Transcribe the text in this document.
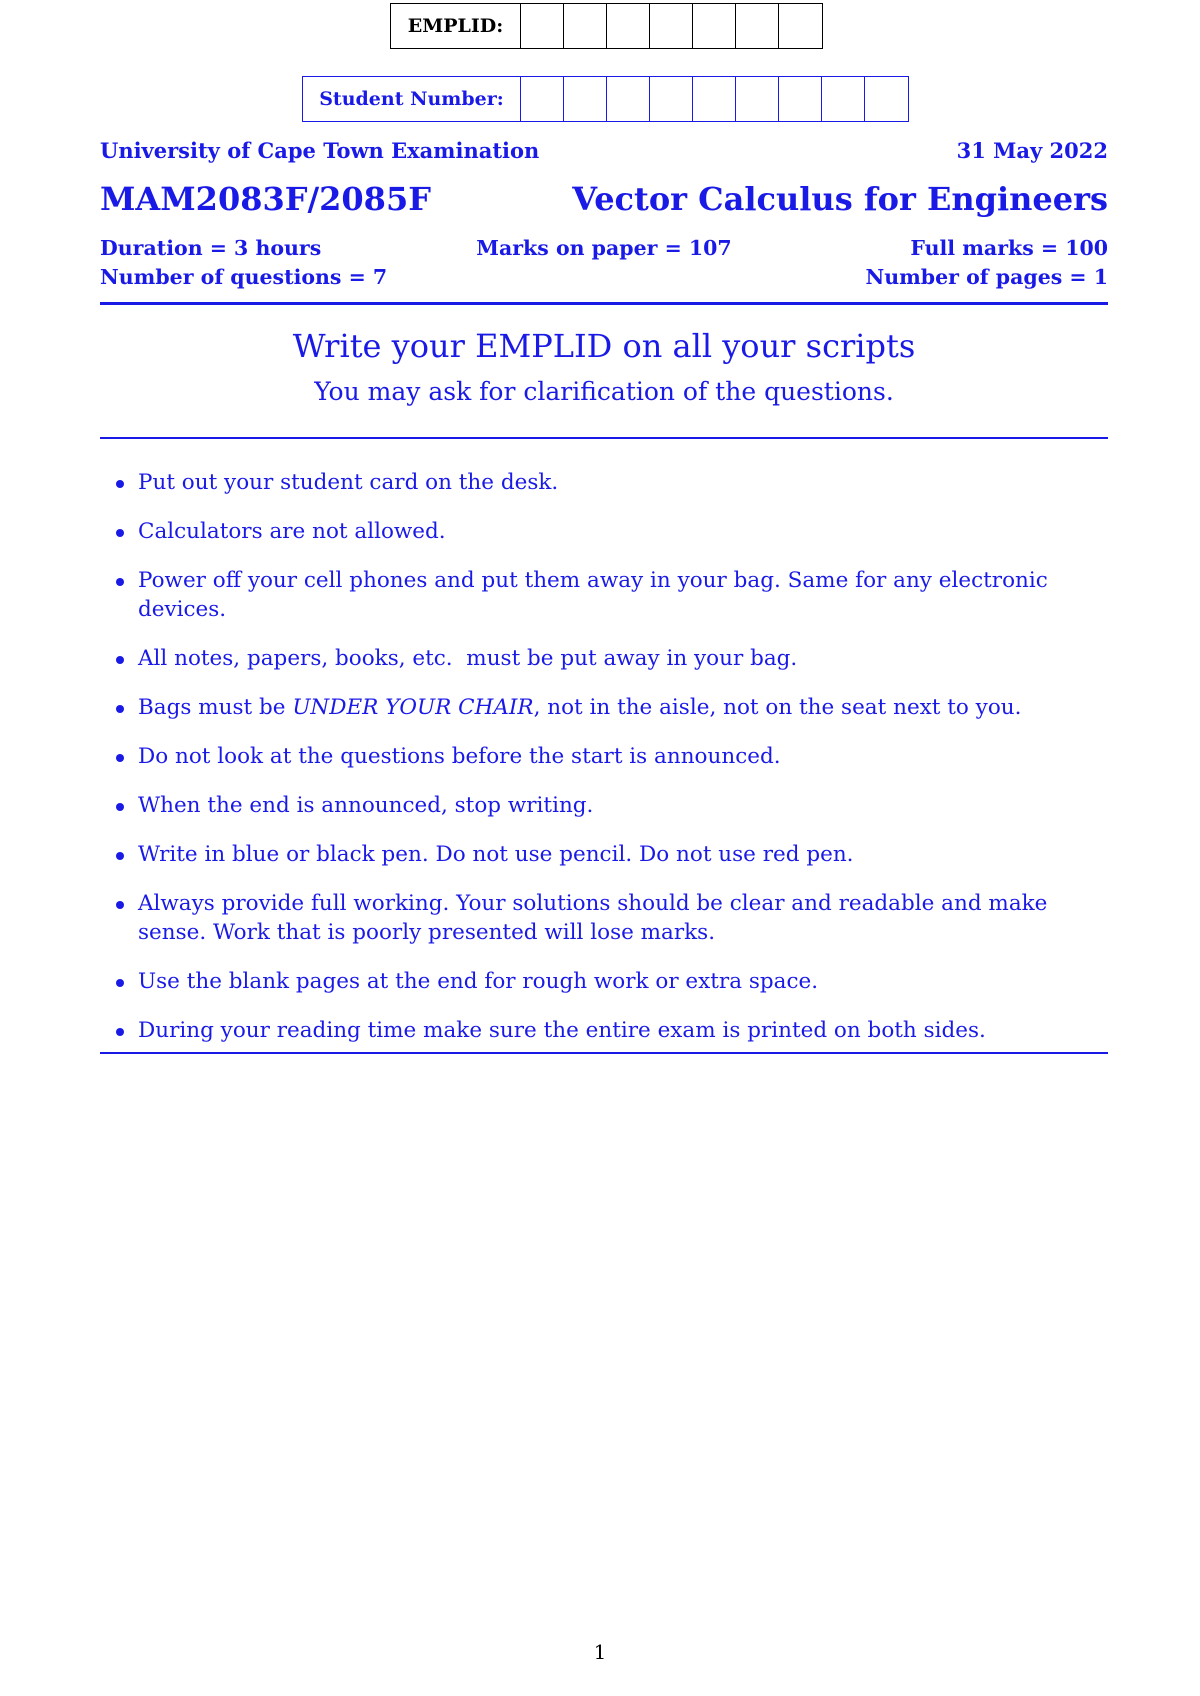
EMPLID:
Student Number:
University of Cape Town Examination	31 May 2022
MAM2083F/2085F	Vector Calculus for Engineers
Duration = 3 hours	Marks on paper = 107	Full marks = 100
Number of questions = 7	Number of pages = 1
Write your EMPLID on all your scripts
You may ask for clarification of the questions.
Put out your student card on the desk.
Calculators are not allowed.
Power off your cell phones and put them away in your bag. Same for any electronic devices.
All notes, papers, books, etc.  must be put away in your bag.
Bags must be UNDER YOUR CHAIR, not in the aisle, not on the seat next to you.
Do not look at the questions before the start is announced.
When the end is announced, stop writing.
Write in blue or black pen. Do not use pencil. Do not use red pen.
Always provide full working. Your solutions should be clear and readable and make sense. Work that is poorly presented will lose marks.
Use the blank pages at the end for rough work or extra space.
During your reading time make sure the entire exam is printed on both sides.
1
